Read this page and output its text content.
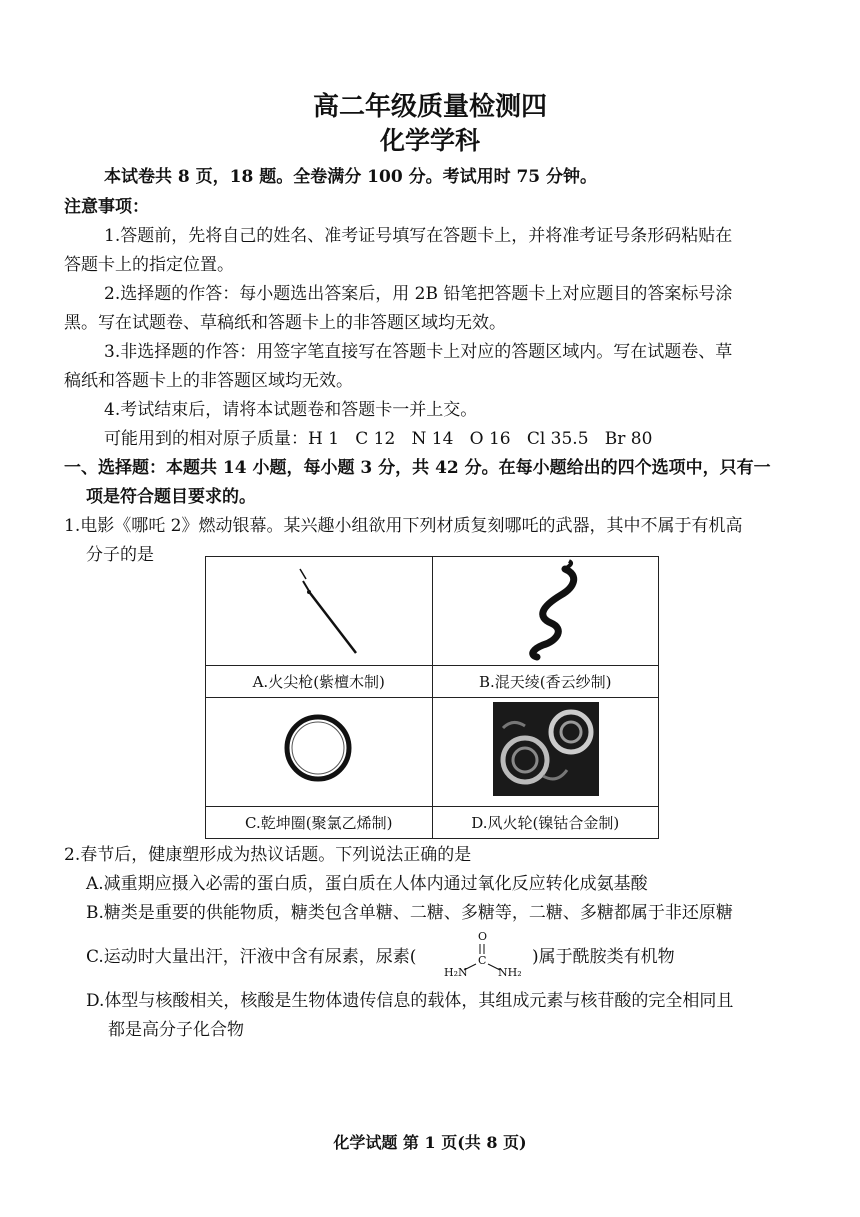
高二年级质量检测四
化学学科
本试卷共 8 页，18 题。全卷满分 100 分。考试用时 75 分钟。
注意事项：
1.答题前，先将自己的姓名、准考证号填写在答题卡上，并将准考证号条形码粘贴在
答题卡上的指定位置。
2.选择题的作答：每小题选出答案后，用 2B 铅笔把答题卡上对应题目的答案标号涂
黑。写在试题卷、草稿纸和答题卡上的非答题区域均无效。
3.非选择题的作答：用签字笔直接写在答题卡上对应的答题区域内。写在试题卷、草
稿纸和答题卡上的非答题区域均无效。
4.考试结束后，请将本试题卷和答题卡一并上交。
可能用到的相对原子质量：H 1   C 12   N 14   O 16   Cl 35.5   Br 80
一、选择题：本题共 14 小题，每小题 3 分，共 42 分。在每小题给出的四个选项中，只有一
项是符合题目要求的。
1.电影《哪吒 2》燃动银幕。某兴趣小组欲用下列材质复刻哪吒的武器，其中不属于有机高
分子的是

A.火尖枪(紫檀木制)	B.混天绫(香云纱制)

C.乾坤圈(聚氯乙烯制)	D.风火轮(镍钴合金制)
2.春节后，健康塑形成为热议话题。下列说法正确的是
A.减重期应摄入必需的蛋白质，蛋白质在人体内通过氧化反应转化成氨基酸
B.糖类是重要的供能物质，糖类包含单糖、二糖、多糖等，二糖、多糖都属于非还原糖
C.运动时大量出汗，汗液中含有尿素，尿素(
O
C
H₂N	NH₂
)属于酰胺类有机物
D.体型与核酸相关，核酸是生物体遗传信息的载体，其组成元素与核苷酸的完全相同且
都是高分子化合物
化学试题 第 1 页(共 8 页)
